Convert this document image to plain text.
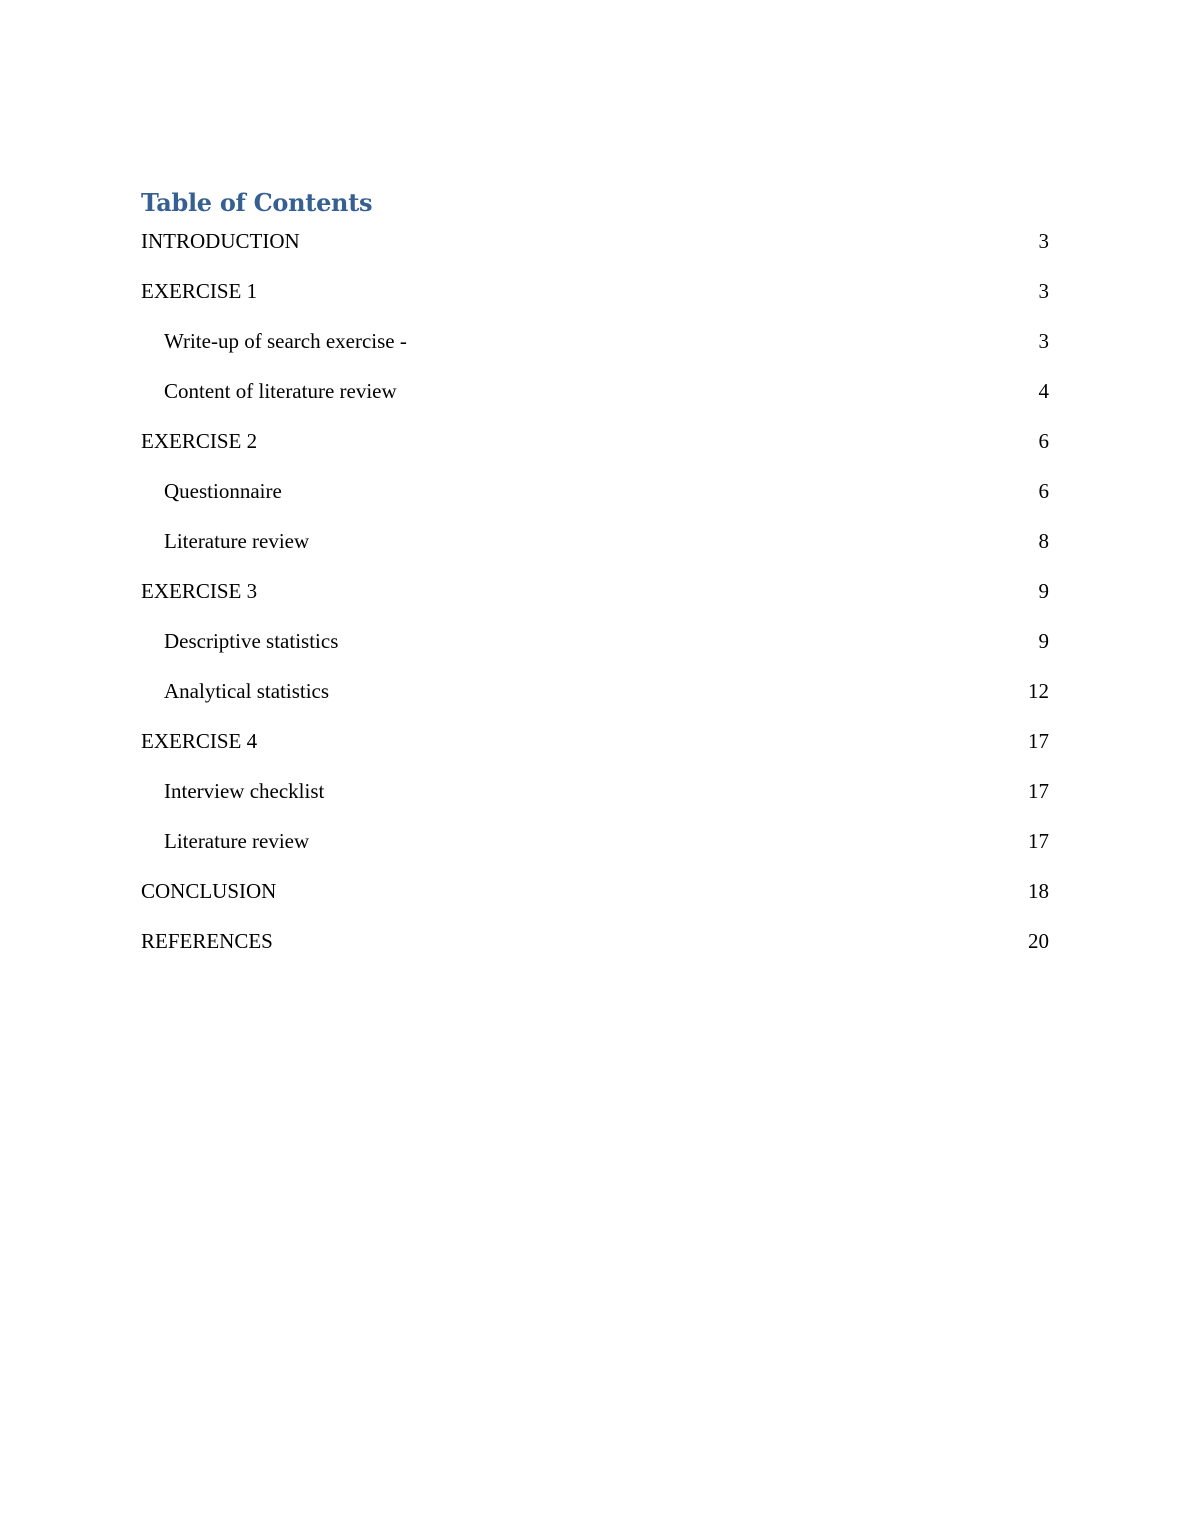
Table of Contents
INTRODUCTION	3
EXERCISE 1	3
Write-up of search exercise -	3
Content of literature review	4
EXERCISE 2	6
Questionnaire	6
Literature review	8
EXERCISE 3	9
Descriptive statistics	9
Analytical statistics	12
EXERCISE 4	17
Interview checklist	17
Literature review	17
CONCLUSION	18
REFERENCES	20
